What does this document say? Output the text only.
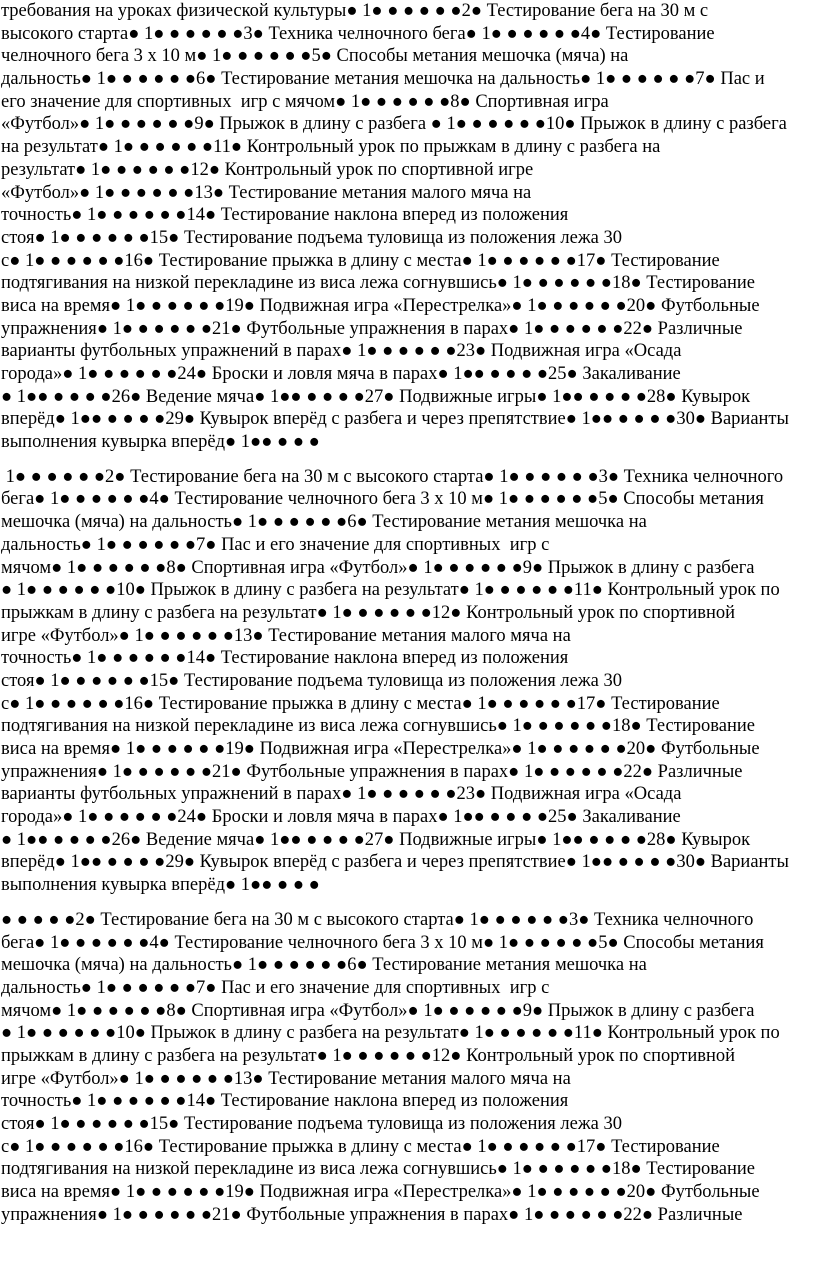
требования на уроках физической культуры● 1● ● ● ● ● ●2● Тестирование бега на 30 м с
высокого старта● 1● ● ● ● ● ●3● Техника челночного бега● 1● ● ● ● ● ●4● Тестирование
челночного бега 3 х 10 м● 1● ● ● ● ● ●5● Способы метания мешочка (мяча) на
дальность● 1● ● ● ● ● ●6● Тестирование метания мешочка на дальность● 1● ● ● ● ● ●7● Пас и
его значение для спортивных  игр с мячом● 1● ● ● ● ● ●8● Спортивная игра
«Футбол»● 1● ● ● ● ● ●9● Прыжок в длину с разбега ● 1● ● ● ● ● ●10● Прыжок в длину с разбега
на результат● 1● ● ● ● ● ●11● Контрольный урок по прыжкам в длину с разбега на
результат● 1● ● ● ● ● ●12● Контрольный урок по спортивной игре
«Футбол»● 1● ● ● ● ● ●13● Тестирование метания малого мяча на
точность● 1● ● ● ● ● ●14● Тестирование наклона вперед из положения
стоя● 1● ● ● ● ● ●15● Тестирование подъема туловища из положения лежа 30
с● 1● ● ● ● ● ●16● Тестирование прыжка в длину с места● 1● ● ● ● ● ●17● Тестирование
подтягивания на низкой перекладине из виса лежа согнувшись● 1● ● ● ● ● ●18● Тестирование
виса на время● 1● ● ● ● ● ●19● Подвижная игра «Перестрелка»● 1● ● ● ● ● ●20● Футбольные
упражнения● 1● ● ● ● ● ●21● Футбольные упражнения в парах● 1● ● ● ● ● ●22● Различные
варианты футбольных упражнений в парах● 1● ● ● ● ● ●23● Подвижная игра «Осада
города»● 1● ● ● ● ● ●24● Броски и ловля мяча в парах● 1●● ● ● ● ●25● Закаливание
● 1●● ● ● ● ●26● Ведение мяча● 1●● ● ● ● ●27● Подвижные игры● 1●● ● ● ● ●28● Кувырок
вперёд● 1●● ● ● ● ●29● Кувырок вперёд с разбега и через препятствие● 1●● ● ● ● ●30● Варианты
выполнения кувырка вперёд● 1●● ● ● ●
1● ● ● ● ● ●2● Тестирование бега на 30 м с высокого старта● 1● ● ● ● ● ●3● Техника челночного
бега● 1● ● ● ● ● ●4● Тестирование челночного бега 3 х 10 м● 1● ● ● ● ● ●5● Способы метания
мешочка (мяча) на дальность● 1● ● ● ● ● ●6● Тестирование метания мешочка на
дальность● 1● ● ● ● ● ●7● Пас и его значение для спортивных  игр с
мячом● 1● ● ● ● ● ●8● Спортивная игра «Футбол»● 1● ● ● ● ● ●9● Прыжок в длину с разбега
● 1● ● ● ● ● ●10● Прыжок в длину с разбега на результат● 1● ● ● ● ● ●11● Контрольный урок по
прыжкам в длину с разбега на результат● 1● ● ● ● ● ●12● Контрольный урок по спортивной
игре «Футбол»● 1● ● ● ● ● ●13● Тестирование метания малого мяча на
точность● 1● ● ● ● ● ●14● Тестирование наклона вперед из положения
стоя● 1● ● ● ● ● ●15● Тестирование подъема туловища из положения лежа 30
с● 1● ● ● ● ● ●16● Тестирование прыжка в длину с места● 1● ● ● ● ● ●17● Тестирование
подтягивания на низкой перекладине из виса лежа согнувшись● 1● ● ● ● ● ●18● Тестирование
виса на время● 1● ● ● ● ● ●19● Подвижная игра «Перестрелка»● 1● ● ● ● ● ●20● Футбольные
упражнения● 1● ● ● ● ● ●21● Футбольные упражнения в парах● 1● ● ● ● ● ●22● Различные
варианты футбольных упражнений в парах● 1● ● ● ● ● ●23● Подвижная игра «Осада
города»● 1● ● ● ● ● ●24● Броски и ловля мяча в парах● 1●● ● ● ● ●25● Закаливание
● 1●● ● ● ● ●26● Ведение мяча● 1●● ● ● ● ●27● Подвижные игры● 1●● ● ● ● ●28● Кувырок
вперёд● 1●● ● ● ● ●29● Кувырок вперёд с разбега и через препятствие● 1●● ● ● ● ●30● Варианты
выполнения кувырка вперёд● 1●● ● ● ●
● ● ● ● ●2● Тестирование бега на 30 м с высокого старта● 1● ● ● ● ● ●3● Техника челночного
бега● 1● ● ● ● ● ●4● Тестирование челночного бега 3 х 10 м● 1● ● ● ● ● ●5● Способы метания
мешочка (мяча) на дальность● 1● ● ● ● ● ●6● Тестирование метания мешочка на
дальность● 1● ● ● ● ● ●7● Пас и его значение для спортивных  игр с
мячом● 1● ● ● ● ● ●8● Спортивная игра «Футбол»● 1● ● ● ● ● ●9● Прыжок в длину с разбега
● 1● ● ● ● ● ●10● Прыжок в длину с разбега на результат● 1● ● ● ● ● ●11● Контрольный урок по
прыжкам в длину с разбега на результат● 1● ● ● ● ● ●12● Контрольный урок по спортивной
игре «Футбол»● 1● ● ● ● ● ●13● Тестирование метания малого мяча на
точность● 1● ● ● ● ● ●14● Тестирование наклона вперед из положения
стоя● 1● ● ● ● ● ●15● Тестирование подъема туловища из положения лежа 30
с● 1● ● ● ● ● ●16● Тестирование прыжка в длину с места● 1● ● ● ● ● ●17● Тестирование
подтягивания на низкой перекладине из виса лежа согнувшись● 1● ● ● ● ● ●18● Тестирование
виса на время● 1● ● ● ● ● ●19● Подвижная игра «Перестрелка»● 1● ● ● ● ● ●20● Футбольные
упражнения● 1● ● ● ● ● ●21● Футбольные упражнения в парах● 1● ● ● ● ● ●22● Различные
